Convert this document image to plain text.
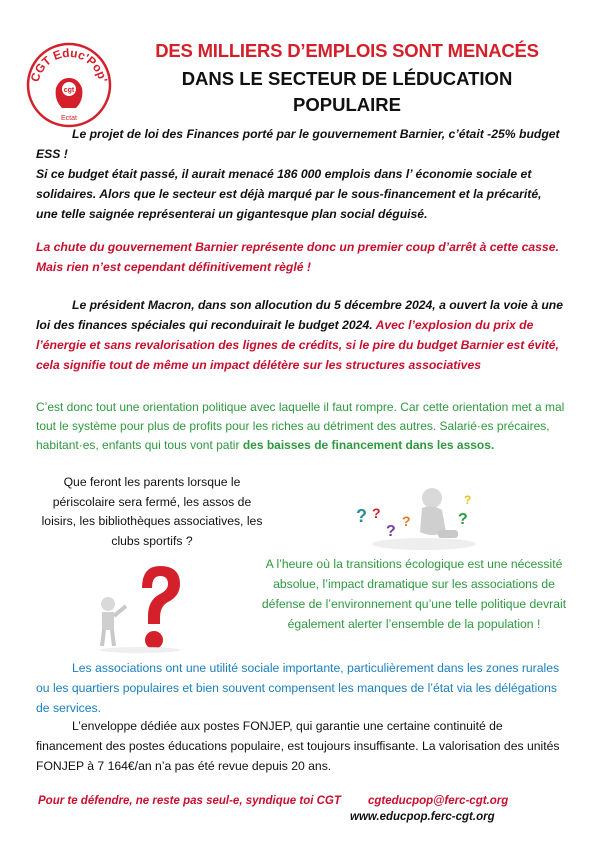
CGT Educ'Pop'
cgt
Ectat
DES MILLIERS D’EMPLOIS SONT MENACÉS
DANS LE SECTEUR DE LÉDUCATION
POPULAIRE

Le projet de loi des Finances porté par le gouvernement Barnier, c’était -25% budget ESS !
Si ce budget était passé, il aurait menacé 186 000 emplois dans l’ économie sociale et solidaires. Alors que le secteur est déjà marqué par le sous-financement et la précarité, une telle saignée représenterai un gigantesque plan social déguisé.

La chute du gouvernement Barnier représente donc un premier coup d’arrêt à cette casse. Mais rien n’est cependant définitivement règlé !

Le président Macron, dans son allocution du 5 décembre 2024, a ouvert la voie à une loi des finances spéciales qui reconduirait le budget 2024. Avec l’explosion du prix de l’énergie et sans revalorisation des lignes de crédits, si le pire du budget Barnier est évité, cela signifie tout de même un impact délétère sur les structures associatives

C’est donc tout une orientation politique avec laquelle il faut rompre. Car cette orientation met a mal tout le système pour plus de profits pour les riches au détriment des autres. Salarié·es précaires, habitant·es, enfants qui tous vont patir des baisses de financement dans les assos.

Que feront les parents lorsque le périscolaire sera fermé, les assos de loisirs, les bibliothèques associatives, les clubs sportifs ?

? ?
?
?	?
?

A l’heure où la transitions écologique est une nécessité absolue, l’impact dramatique sur les associations de défense de l’environnement qu’une telle politique devrait également alerter l’ensemble de la population !

Les associations ont une utilité sociale importante, particulièrement dans les zones rurales ou les quartiers populaires et bien souvent compensent les manques de l’état via les délégations de services.

L’enveloppe dédiée aux postes FONJEP, qui garantie une certaine continuité de financement des postes éducations populaire, est toujours insuffisante. La valorisation des unités FONJEP à 7 164€/an n’a pas été revue depuis 20 ans.

Pour te défendre, ne reste pas seul-e, syndique toi CGT cgteducpop@ferc-cgt.org
www.educpop.ferc-cgt.org
